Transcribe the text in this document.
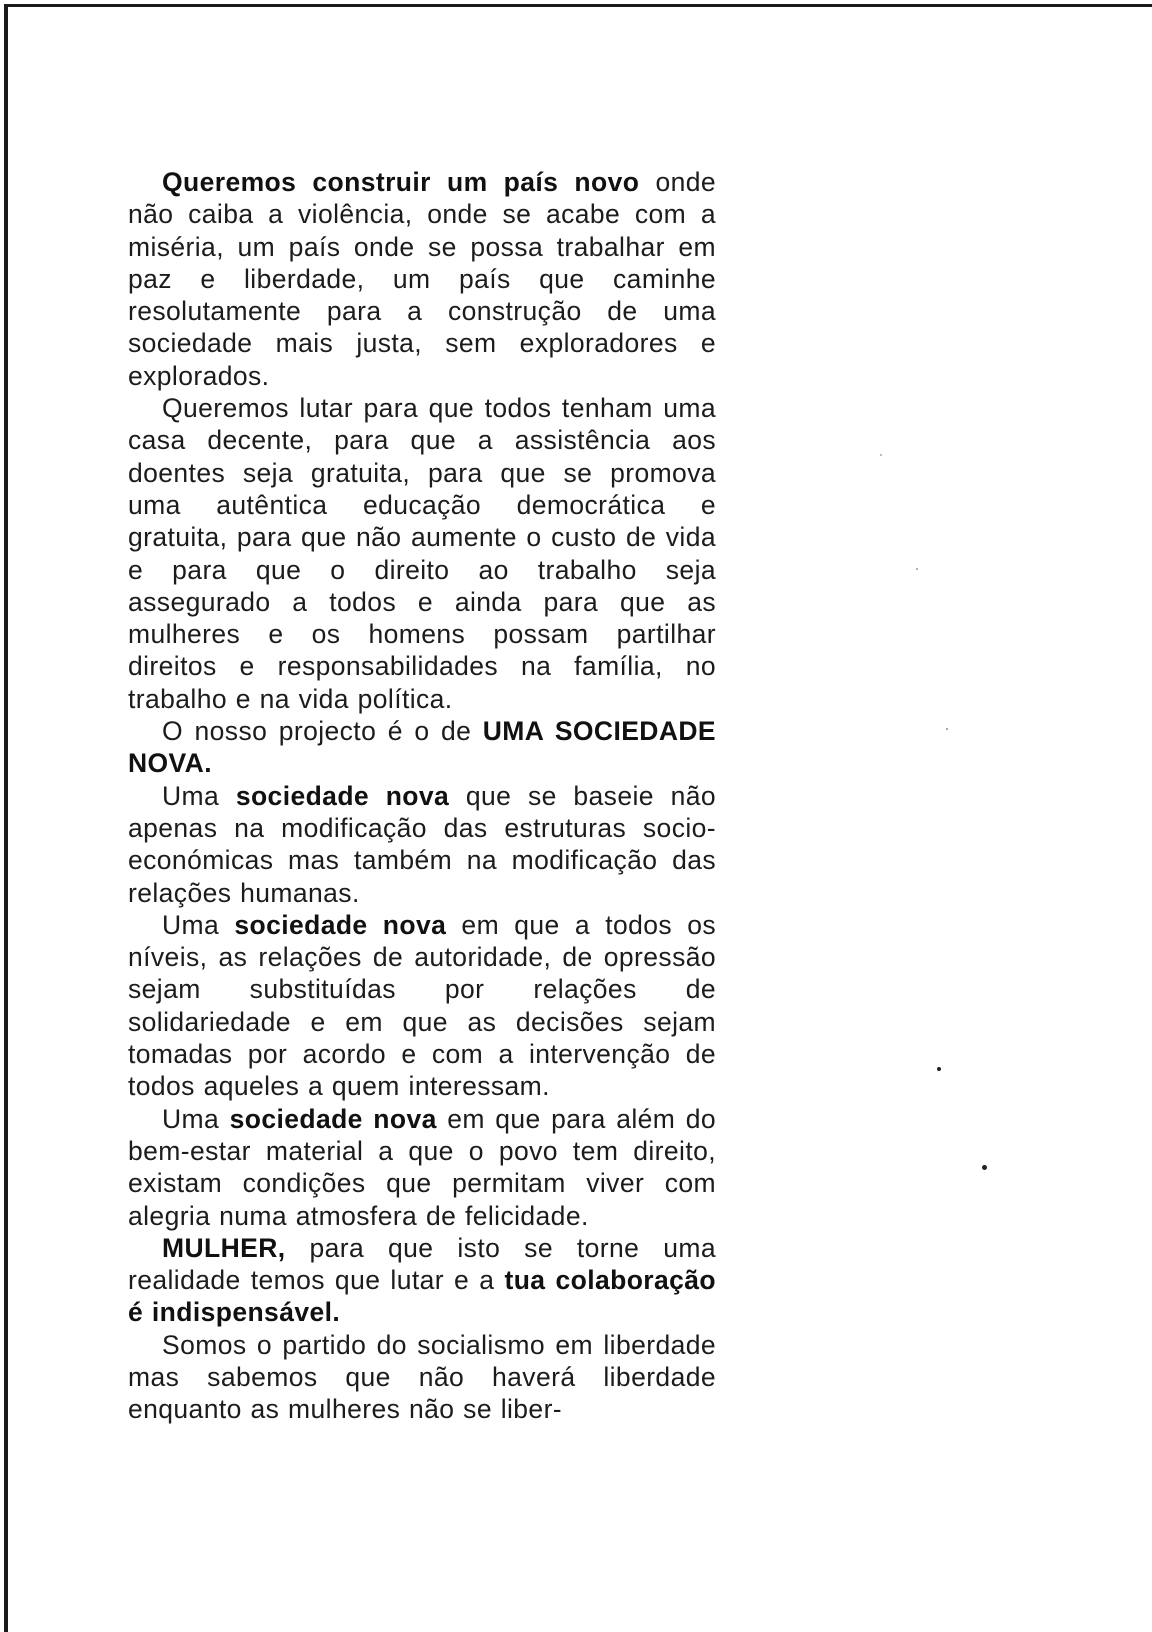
Queremos construir um país novo onde não caiba a violência, onde se acabe com a miséria, um país onde se possa trabalhar em paz e liberdade, um país que caminhe resolutamente para a construção de uma sociedade mais justa, sem exploradores e explorados.

Queremos lutar para que todos tenham uma casa decente, para que a assistência aos doentes seja gratuita, para que se promova uma autêntica educação democrática e gratuita, para que não aumente o custo de vida e para que o direito ao trabalho seja assegurado a todos e ainda para que as mulheres e os homens possam partilhar direitos e responsabilidades na família, no trabalho e na vida política.

O nosso projecto é o de UMA SOCIEDADE NOVA.

Uma sociedade nova que se baseie não apenas na modificação das estruturas socio-económicas mas também na modificação das relações humanas.

Uma sociedade nova em que a todos os níveis, as relações de autoridade, de opressão sejam substituídas por relações de solidariedade e em que as decisões sejam tomadas por acordo e com a intervenção de todos aqueles a quem interessam.

Uma sociedade nova em que para além do bem-estar material a que o povo tem direito, existam condições que permitam viver com alegria numa atmosfera de felicidade.

MULHER, para que isto se torne uma realidade temos que lutar e a tua colaboração é indispensável.

Somos o partido do socialismo em liberdade mas sabemos que não haverá liberdade enquanto as mulheres não se liber-
